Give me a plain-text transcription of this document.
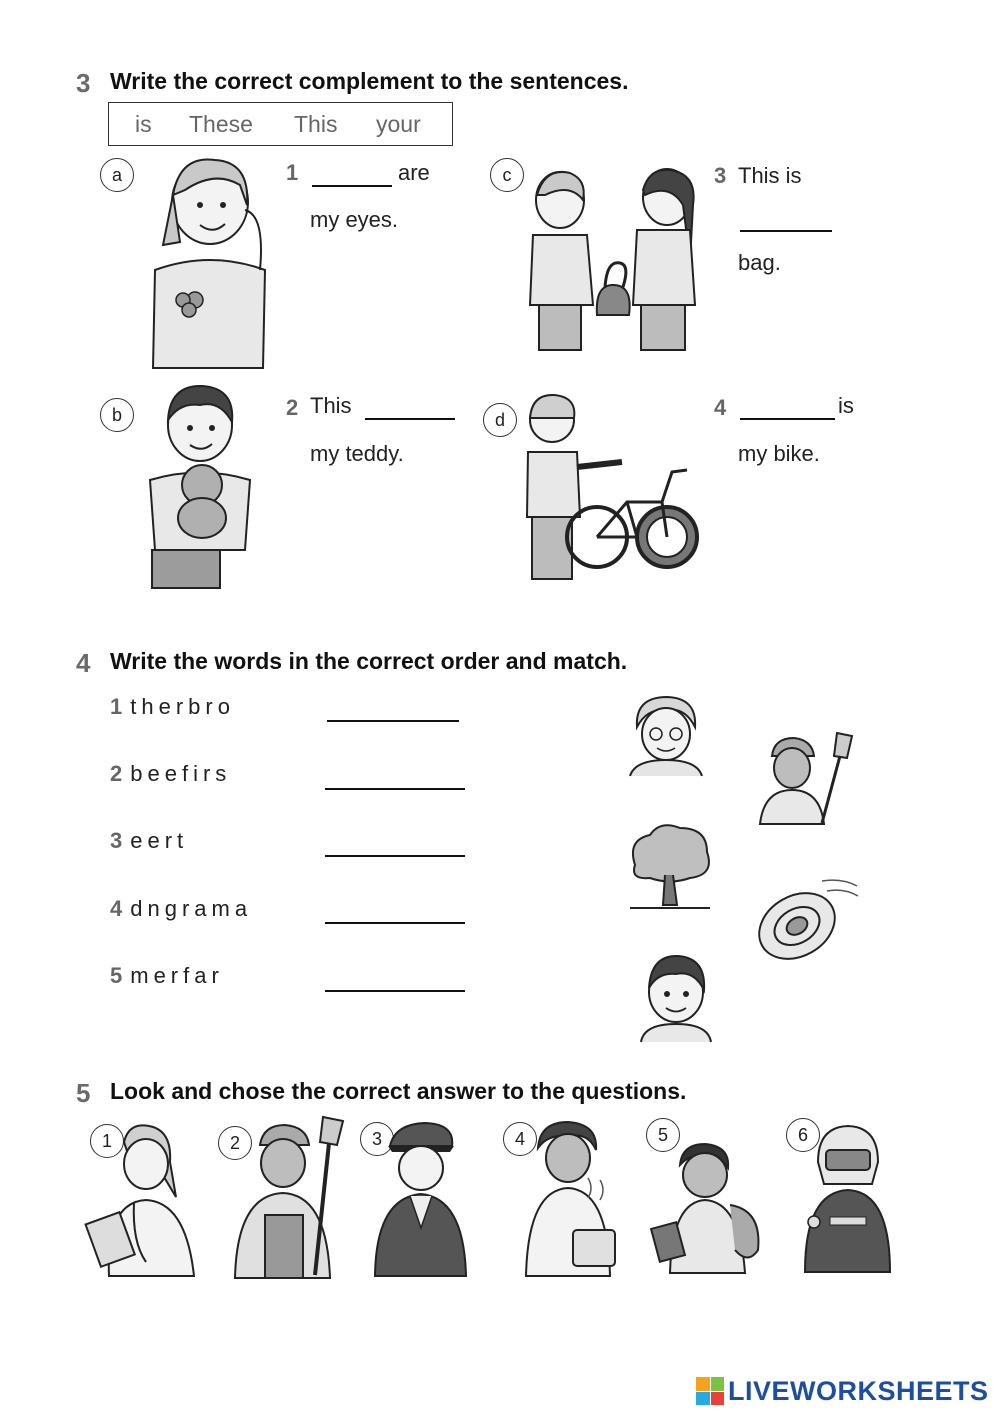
3 Write the correct complement to the sentences.
is These This your
a	1	are
my eyes.
c	3 This is
bag.
b	2 This
my teddy.
d	4	is
my bike.
4 Write the words in the correct order and match.
1 therbro
2 beefirs
3 eert
4 dngrama
5 merfar
5 Look and chose the correct answer to the questions.
1	2	3	4	5	6
LIVEWORKSHEETS
